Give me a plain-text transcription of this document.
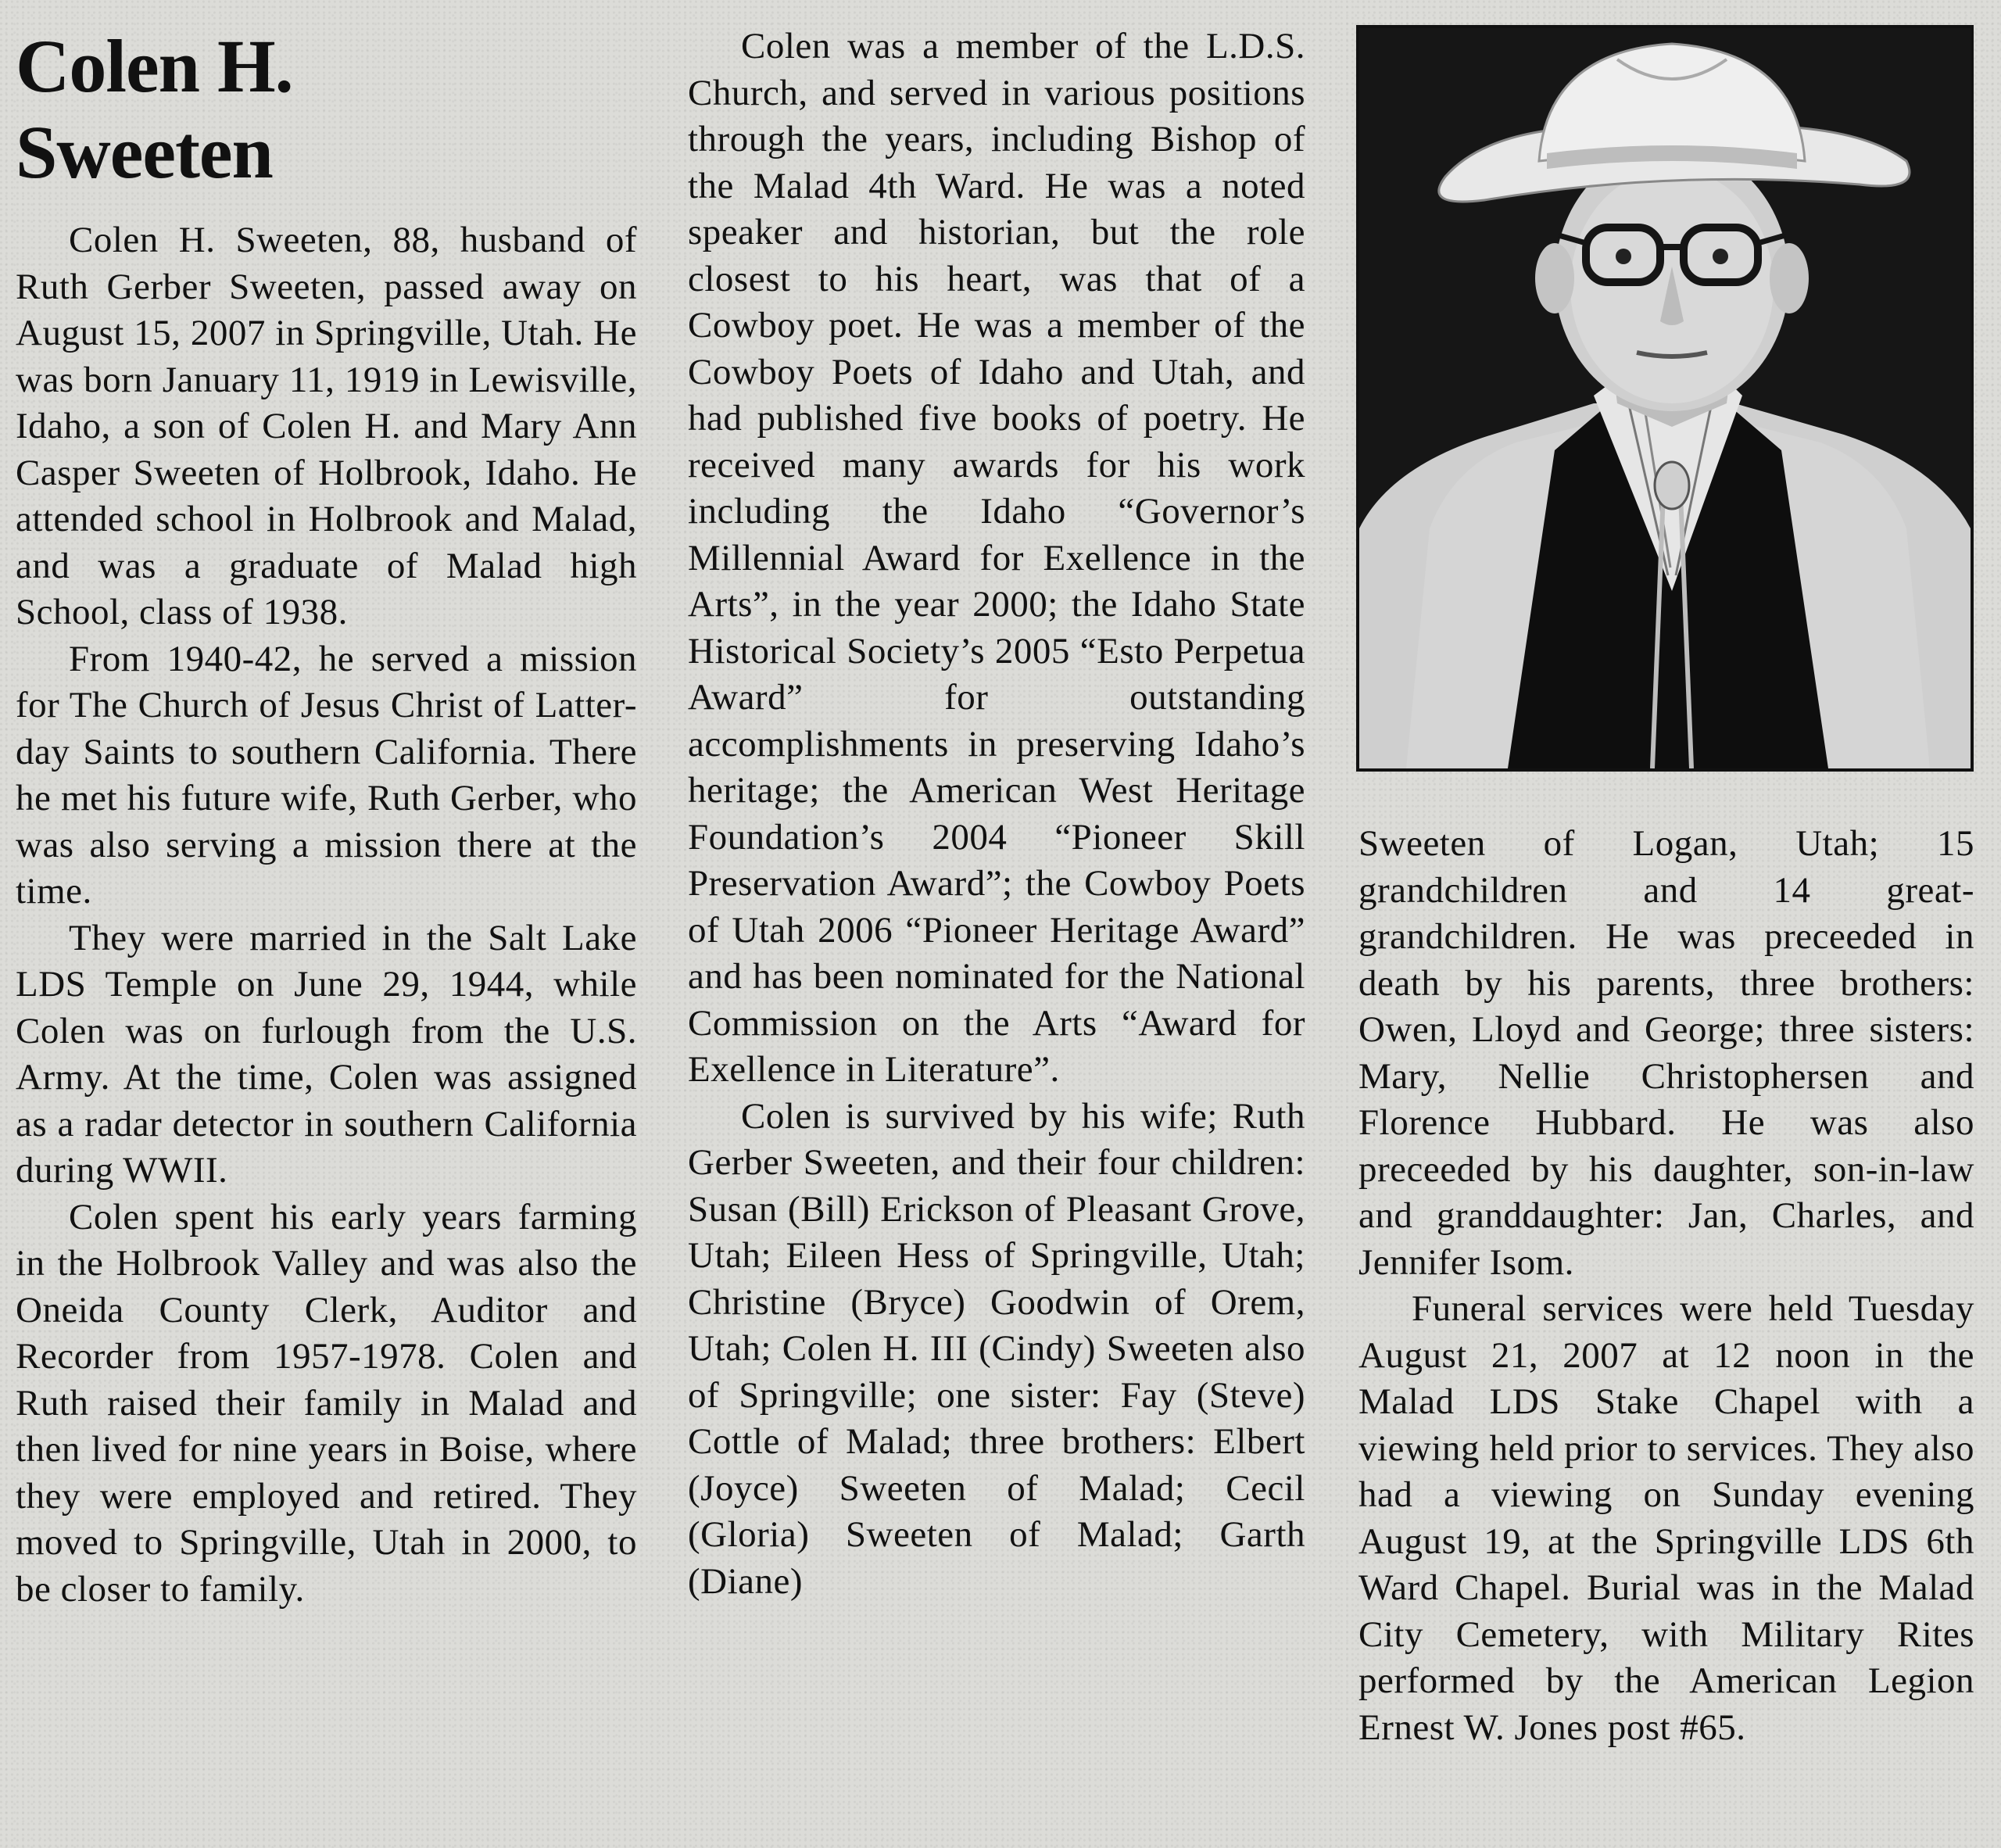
Colen H.
Sweeten

Colen H. Sweeten, 88, husband of Ruth Gerber Sweeten, passed away on August 15, 2007 in Springville, Utah. He was born January 11, 1919 in Lewisville, Idaho, a son of Colen H. and Mary Ann Casper Sweeten of Holbrook, Idaho. He attended school in Holbrook and Malad, and was a graduate of Malad high School, class of 1938.

From 1940-42, he served a mission for The Church of Jesus Christ of Latter-day Saints to southern California. There he met his future wife, Ruth Gerber, who was also serving a mission there at the time.

They were married in the Salt Lake LDS Temple on June 29, 1944, while Colen was on furlough from the U.S. Army. At the time, Colen was assigned as a radar detector in southern California during WWII.

Colen spent his early years farming in the Holbrook Valley and was also the Oneida County Clerk, Auditor and Recorder from 1957-1978. Colen and Ruth raised their family in Malad and then lived for nine years in Boise, where they were employed and retired. They moved to Springville, Utah in 2000, to be closer to family.

Colen was a member of the L.D.S. Church, and served in various positions through the years, including Bishop of the Malad 4th Ward. He was a noted speaker and historian, but the role closest to his heart, was that of a Cowboy poet. He was a member of the Cowboy Poets of Idaho and Utah, and had published five books of poetry. He received many awards for his work including the Idaho “Governor’s Millennial Award for Exellence in the Arts”, in the year 2000; the Idaho State Historical Society’s 2005 “Esto Perpetua Award” for outstanding accomplishments in preserving Idaho’s heritage; the American West Heritage Foundation’s 2004 “Pioneer Skill Preservation Award”; the Cowboy Poets of Utah 2006 “Pioneer Heritage Award” and has been nominated for the National Commission on the Arts “Award for Exellence in Literature”.

Colen is survived by his wife; Ruth Gerber Sweeten, and their four children: Susan (Bill) Erickson of Pleasant Grove, Utah; Eileen Hess of Springville, Utah; Christine (Bryce) Goodwin of Orem, Utah; Colen H. III (Cindy) Sweeten also of Springville; one sister: Fay (Steve) Cottle of Malad; three brothers: Elbert (Joyce) Sweeten of Malad; Cecil (Gloria) Sweeten of Malad; Garth (Diane)

Sweeten of Logan, Utah; 15 grandchildren and 14 great-grandchildren. He was preceeded in death by his parents, three brothers: Owen, Lloyd and George; three sisters: Mary, Nellie Christophersen and Florence Hubbard. He was also preceeded by his daughter, son-in-law and granddaughter: Jan, Charles, and Jennifer Isom.

Funeral services were held Tuesday August 21, 2007 at 12 noon in the Malad LDS Stake Chapel with a viewing held prior to services. They also had a viewing on Sunday evening August 19, at the Springville LDS 6th Ward Chapel. Burial was in the Malad City Cemetery, with Military Rites performed by the American Legion Ernest W. Jones post #65.
